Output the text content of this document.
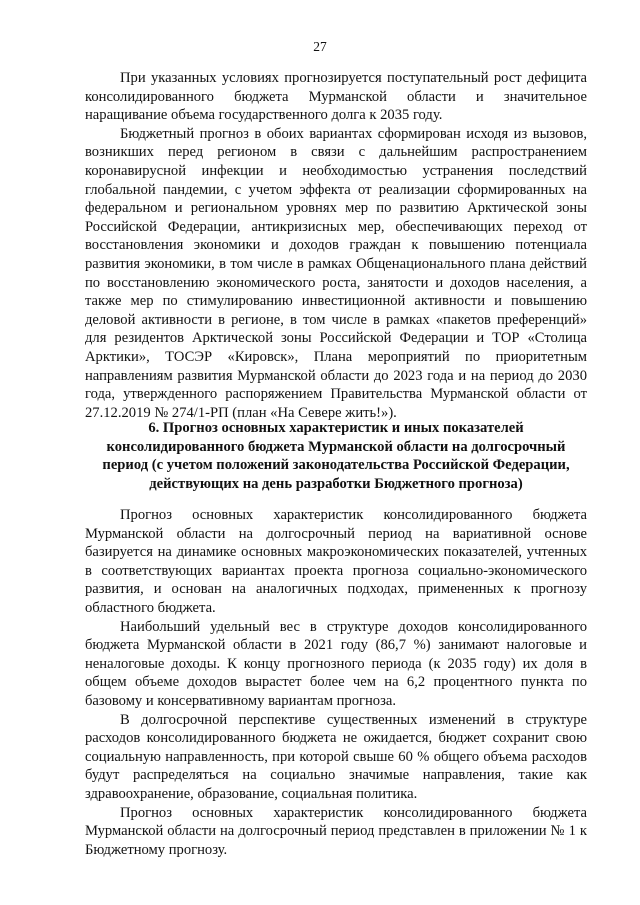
27

При указанных условиях прогнозируется поступательный рост дефицита консолидированного бюджета Мурманской области и значительное наращивание объема государственного долга к 2035 году.

Бюджетный прогноз в обоих вариантах сформирован исходя из вызовов, возникших перед регионом в связи с дальнейшим распространением коронавирусной инфекции и необходимостью устранения последствий глобальной пандемии, с учетом эффекта от реализации сформированных на федеральном и региональном уровнях мер по развитию Арктической зоны Российской Федерации, антикризисных мер, обеспечивающих переход от восстановления экономики и доходов граждан к повышению потенциала развития экономики, в том числе в рамках Общенационального плана действий по восстановлению экономического роста, занятости и доходов населения, а также мер по стимулированию инвестиционной активности и повышению деловой активности в регионе, в том числе в рамках «пакетов преференций» для резидентов Арктической зоны Российской Федерации и ТОР «Столица Арктики», ТОСЭР «Кировск», Плана мероприятий по приоритетным направлениям развития Мурманской области до 2023 года и на период до 2030 года, утвержденного распоряжением Правительства Мурманской области от 27.12.2019 № 274/1-РП (план «На Севере жить!»).

6. Прогноз основных характеристик и иных показателей консолидированного бюджета Мурманской области на долгосрочный период (с учетом положений законодательства Российской Федерации, действующих на день разработки Бюджетного прогноза)

Прогноз основных характеристик консолидированного бюджета Мурманской области на долгосрочный период на вариативной основе базируется на динамике основных макроэкономических показателей, учтенных в соответствующих вариантах проекта прогноза социально-экономического развития, и основан на аналогичных подходах, примененных к прогнозу областного бюджета.

Наибольший удельный вес в структуре доходов консолидированного бюджета Мурманской области в 2021 году (86,7 %) занимают налоговые и неналоговые доходы. К концу прогнозного периода (к 2035 году) их доля в общем объеме доходов вырастет более чем на 6,2 процентного пункта по базовому и консервативному вариантам прогноза.

В долгосрочной перспективе существенных изменений в структуре расходов консолидированного бюджета не ожидается, бюджет сохранит свою социальную направленность, при которой свыше 60 % общего объема расходов будут распределяться на социально значимые направления, такие как здравоохранение, образование, социальная политика.

Прогноз основных характеристик консолидированного бюджета Мурманской области на долгосрочный период представлен в приложении № 1 к Бюджетному прогнозу.
